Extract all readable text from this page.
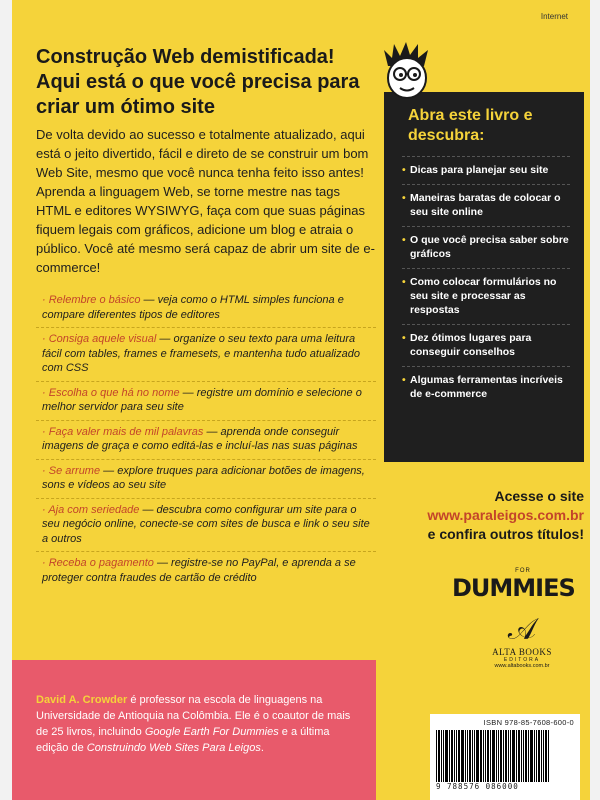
Internet
Construção Web demistificada! Aqui está o que você precisa para criar um ótimo site
De volta devido ao sucesso e totalmente atualizado, aqui está o jeito divertido, fácil e direto de se construir um bom Web Site, mesmo que você nunca tenha feito isso antes! Aprenda a linguagem Web, se torne mestre nas tags HTML e editores WYSIWYG, faça com que suas páginas fiquem legais com gráficos, adicione um blog e atraia o público. Você até mesmo será capaz de abrir um site de e-commerce!
· Relembre o básico — veja como o HTML simples funciona e compare diferentes tipos de editores
· Consiga aquele visual — organize o seu texto para uma leitura fácil com tables, frames e framesets, e mantenha tudo atualizado com CSS
· Escolha o que há no nome — registre um domínio e selecione o melhor servidor para seu site
· Faça valer mais de mil palavras — aprenda onde conseguir imagens de graça e como editá-las e incluí-las nas suas páginas
· Se arrume — explore truques para adicionar botões de imagens, sons e vídeos ao seu site
· Aja com seriedade — descubra como configurar um site para o seu negócio online, conecte-se com sites de busca e link o seu site a outros
· Receba o pagamento — registre-se no PayPal, e aprenda a se proteger contra fraudes de cartão de crédito
Abra este livro e descubra:
• Dicas para planejar seu site
• Maneiras baratas de colocar o seu site online
• O que você precisa saber sobre gráficos
• Como colocar formulários no seu site e processar as respostas
• Dez ótimos lugares para conseguir conselhos
• Algumas ferramentas incríveis de e-commerce
Acesse o site
www.paraleigos.com.br
e confira outros títulos!
FOR
DUMMIES
𝒜
ALTA BOOKS
EDITORA
www.altabooks.com.br
David A. Crowder é professor na escola de linguagens na Universidade de Antioquia na Colômbia. Ele é o coautor de mais de 25 livros, incluindo Google Earth For Dummies e a última edição de Construindo Web Sites Para Leigos.
ISBN 978-85-7608-600-0
9 788576 086000
